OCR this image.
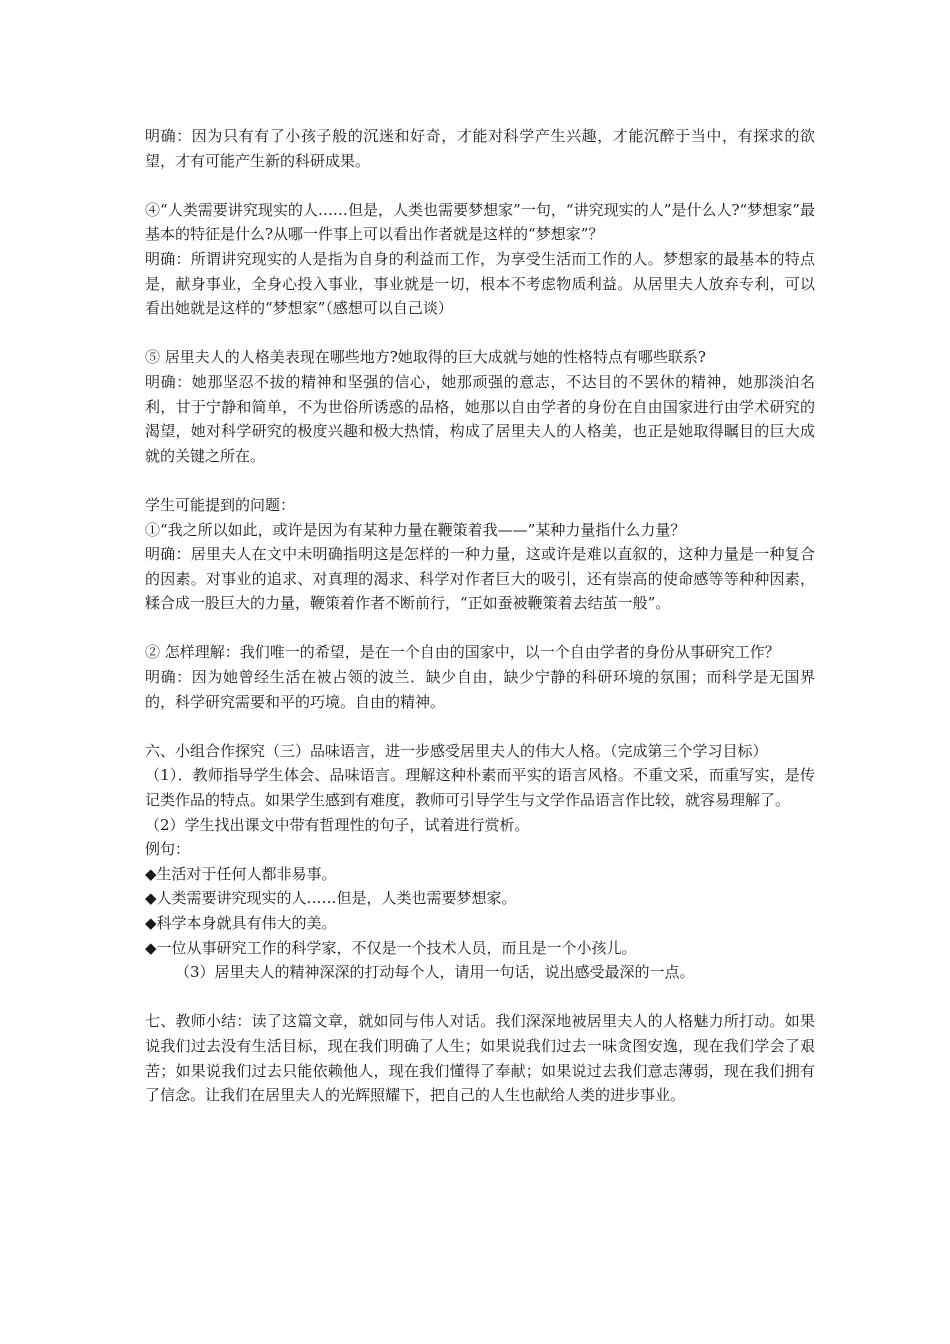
明确：因为只有有了小孩子般的沉迷和好奇，才能对科学产生兴趣，才能沉醉于当中，有探求的欲望，才有可能产生新的科研成果。

④“人类需要讲究现实的人……但是，人类也需要梦想家”一句，“讲究现实的人”是什么人?“梦想家”最基本的特征是什么?从哪一件事上可以看出作者就是这样的“梦想家”？

明确：所谓讲究现实的人是指为自身的利益而工作，为享受生活而工作的人。梦想家的最基本的特点是，献身事业，全身心投入事业，事业就是一切，根本不考虑物质利益。从居里夫人放弃专利，可以看出她就是这样的“梦想家”（感想可以自己谈）

⑤ 居里夫人的人格美表现在哪些地方?她取得的巨大成就与她的性格特点有哪些联系?

明确：她那坚忍不拔的精神和坚强的信心，她那顽强的意志，不达目的不罢休的精神，她那淡泊名利，甘于宁静和简单，不为世俗所诱惑的品格，她那以自由学者的身份在自由国家进行由学术研究的渴望，她对科学研究的极度兴趣和极大热情，构成了居里夫人的人格美，也正是她取得瞩目的巨大成就的关键之所在。

学生可能提到的问题：

①“我之所以如此，或许是因为有某种力量在鞭策着我——”某种力量指什么力量？

明确：居里夫人在文中未明确指明这是怎样的一种力量，这或许是难以直叙的，这种力量是一种复合的因素。对事业的追求、对真理的渴求、科学对作者巨大的吸引，还有崇高的使命感等等种种因素，糅合成一股巨大的力量，鞭策着作者不断前行，“正如蚕被鞭策着去结茧一般”。

② 怎样理解：我们唯一的希望，是在一个自由的国家中，以一个自由学者的身份从事研究工作？

明确：因为她曾经生活在被占领的波兰．缺少自由，缺少宁静的科研环境的氛围；而科学是无国界的，科学研究需要和平的巧境。自由的精神。

六、小组合作探究（三）品味语言，进一步感受居里夫人的伟大人格。（完成第三个学习目标）

（1）．教师指导学生体会、品味语言。理解这种朴素而平实的语言风格。不重文采，而重写实，是传记类作品的特点。如果学生感到有难度，教师可引导学生与文学作品语言作比较，就容易理解了。

（2）学生找出课文中带有哲理性的句子，试着进行赏析。

例句：

◆生活对于任何人都非易事。

◆人类需要讲究现实的人……但是，人类也需要梦想家。

◆科学本身就具有伟大的美。

◆一位从事研究工作的科学家，不仅是一个技术人员，而且是一个小孩儿。

（3）居里夫人的精神深深的打动每个人，请用一句话，说出感受最深的一点。

七、教师小结：读了这篇文章，就如同与伟人对话。我们深深地被居里夫人的人格魅力所打动。如果说我们过去没有生活目标，现在我们明确了人生；如果说我们过去一味贪图安逸，现在我们学会了艰苦；如果说我们过去只能依赖他人，现在我们懂得了奉献；如果说过去我们意志薄弱，现在我们拥有了信念。让我们在居里夫人的光辉照耀下，把自己的人生也献给人类的进步事业。
